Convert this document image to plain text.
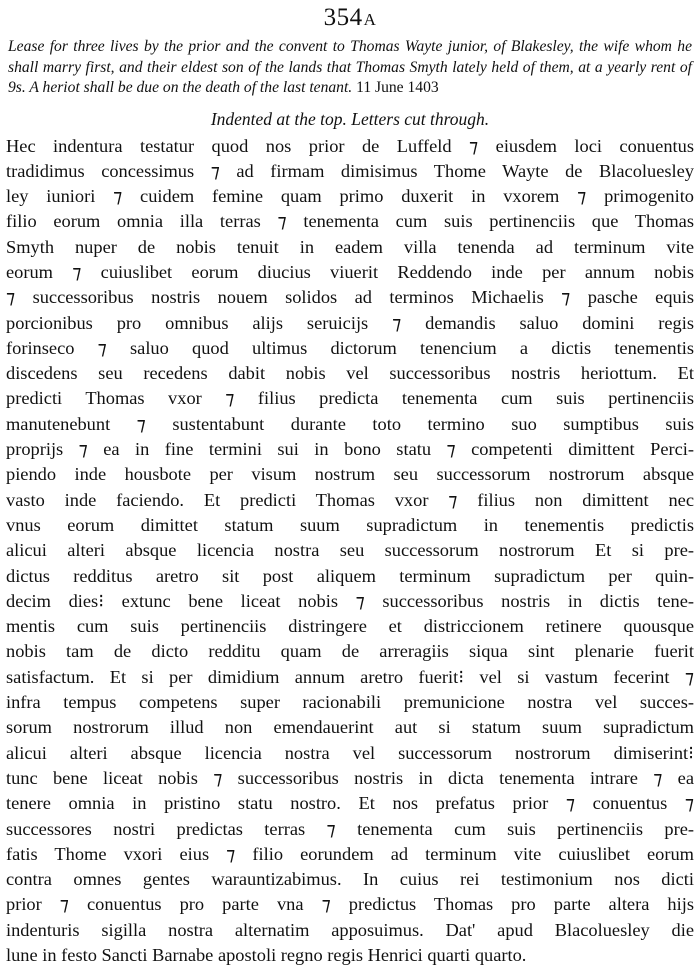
354A
Lease for three lives by the prior and the convent to Thomas Wayte junior, of Blakesley, the wife whom he shall marry first, and their eldest son of the lands that Thomas Smyth lately held of them, at a yearly rent of 9s. A heriot shall be due on the death of the last tenant. 11 June 1403
Indented at the top. Letters cut through.
Hec indentura testatur quod nos prior de Luffeld ⁊ eiusdem loci conuentus
tradidimus concessimus ⁊ ad firmam dimisimus Thome Wayte de Blacoluesley
ley iuniori ⁊ cuidem femine quam primo duxerit in vxorem ⁊ primogenito
filio eorum omnia illa terras ⁊ tenementa cum suis pertinenciis que Thomas
Smyth nuper de nobis tenuit in eadem villa tenenda ad terminum vite
eorum ⁊ cuiuslibet eorum diucius viuerit Reddendo inde per annum nobis
⁊ successoribus nostris nouem solidos ad terminos Michaelis ⁊ pasche equis
porcionibus pro omnibus alijs seruicijs ⁊ demandis saluo domini regis
forinseco ⁊ saluo quod ultimus dictorum tenencium a dictis tenementis
discedens seu recedens dabit nobis vel successoribus nostris heriottum. Et
predicti Thomas vxor ⁊ filius predicta tenementa cum suis pertinenciis
manutenebunt ⁊ sustentabunt durante toto termino suo sumptibus suis
proprijs ⁊ ea in fine termini sui in bono statu ⁊ competenti dimittent Perci-
piendo inde housbote per visum nostrum seu successorum nostrorum absque
vasto inde faciendo. Et predicti Thomas vxor ⁊ filius non dimittent nec
vnus eorum dimittet statum suum supradictum in tenementis predictis
alicui alteri absque licencia nostra seu successorum nostrorum Et si pre-
dictus redditus aretro sit post aliquem terminum supradictum per quin-
decim dies⁝ extunc bene liceat nobis ⁊ successoribus nostris in dictis tene-
mentis cum suis pertinenciis distringere et districcionem retinere quousque
nobis tam de dicto redditu quam de arreragiis siqua sint plenarie fuerit
satisfactum. Et si per dimidium annum aretro fuerit⁝ vel si vastum fecerint ⁊
infra tempus competens super racionabili premunicione nostra vel succes-
sorum nostrorum illud non emendauerint aut si statum suum supradictum
alicui alteri absque licencia nostra vel successorum nostrorum dimiserint⁝
tunc bene liceat nobis ⁊ successoribus nostris in dicta tenementa intrare ⁊ ea
tenere omnia in pristino statu nostro. Et nos prefatus prior ⁊ conuentus ⁊
successores nostri predictas terras ⁊ tenementa cum suis pertinenciis pre-
fatis Thome vxori eius ⁊ filio eorundem ad terminum vite cuiuslibet eorum
contra omnes gentes warauntizabimus. In cuius rei testimonium nos dicti
prior ⁊ conuentus pro parte vna ⁊ predictus Thomas pro parte altera hijs
indenturis sigilla nostra alternatim apposuimus. Dat' apud Blacoluesley die
lune in festo Sancti Barnabe apostoli regno regis Henrici quarti quarto.
